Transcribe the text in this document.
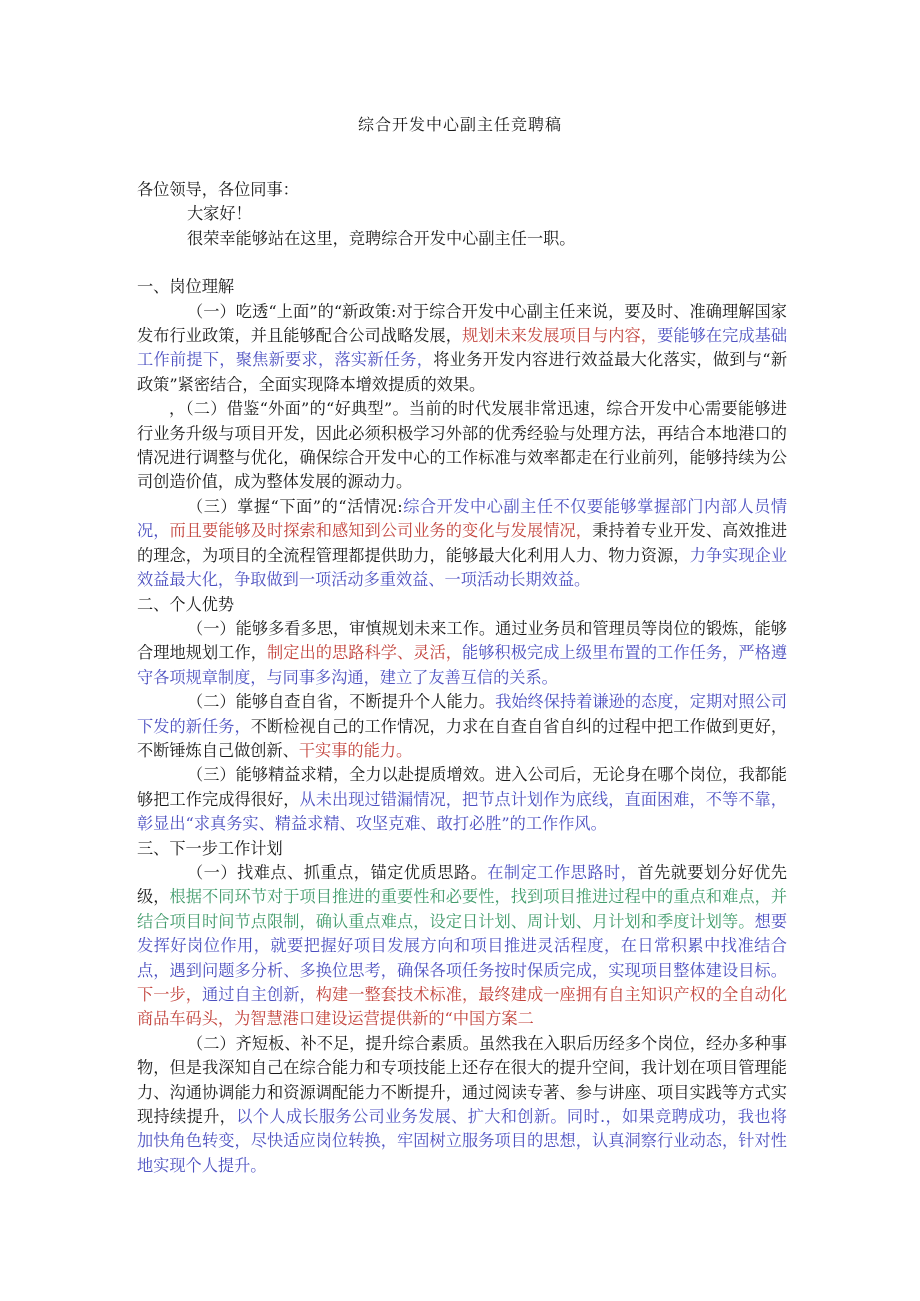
综合开发中心副主任竞聘稿

各位领导，各位同事：

大家好！

很荣幸能够站在这里，竞聘综合开发中心副主任一职。

一、岗位理解

（一）吃透“上面”的“新政策:对于综合开发中心副主任来说，要及时、准确理解国家发布行业政策，并且能够配合公司战略发展，规划未来发展项目与内容，要能够在完成基础工作前提下，聚焦新要求，落实新任务，将业务开发内容进行效益最大化落实，做到与“新政策”紧密结合，全面实现降本增效提质的效果。

，（二）借鉴“外面”的“好典型”。当前的时代发展非常迅速，综合开发中心需要能够进行业务升级与项目开发，因此必须积极学习外部的优秀经验与处理方法，再结合本地港口的情况进行调整与优化，确保综合开发中心的工作标准与效率都走在行业前列，能够持续为公司创造价值，成为整体发展的源动力。

（三）掌握“下面”的“活情况:综合开发中心副主任不仅要能够掌握部门内部人员情况，而且要能够及时探索和感知到公司业务的变化与发展情况，秉持着专业开发、高效推进的理念，为项目的全流程管理都提供助力，能够最大化利用人力、物力资源，力争实现企业效益最大化，争取做到一项活动多重效益、一项活动长期效益。

二、个人优势

（一）能够多看多思，审慎规划未来工作。通过业务员和管理员等岗位的锻炼，能够合理地规划工作，制定出的思路科学、灵活，能够积极完成上级里布置的工作任务，严格遵守各项规章制度，与同事多沟通，建立了友善互信的关系。

（二）能够自查自省，不断提升个人能力。我始终保持着谦逊的态度，定期对照公司下发的新任务，不断检视自己的工作情况，力求在自查自省自纠的过程中把工作做到更好，不断锤炼自己做创新、干实事的能力。

（三）能够精益求精，全力以赴提质增效。进入公司后，无论身在哪个岗位，我都能够把工作完成得很好，从未出现过错漏情况，把节点计划作为底线，直面困难，不等不靠，彰显出“求真务实、精益求精、攻坚克难、敢打必胜”的工作作风。

三、下一步工作计划

（一）找难点、抓重点，锚定优质思路。在制定工作思路时，首先就要划分好优先级，根据不同环节对于项目推进的重要性和必要性，找到项目推进过程中的重点和难点，并结合项目时间节点限制，确认重点难点，设定日计划、周计划、月计划和季度计划等。想要发挥好岗位作用，就要把握好项目发展方向和项目推进灵活程度，在日常积累中找准结合点，遇到问题多分析、多换位思考，确保各项任务按时保质完成，实现项目整体建设目标。下一步，通过自主创新，构建一整套技术标准，最终建成一座拥有自主知识产权的全自动化商品车码头，为智慧港口建设运营提供新的“中国方案二

（二）齐短板、补不足，提升综合素质。虽然我在入职后历经多个岗位，经办多种事物，但是我深知自己在综合能力和专项技能上还存在很大的提升空间，我计划在项目管理能力、沟通协调能力和资源调配能力不断提升，通过阅读专著、参与讲座、项目实践等方式实现持续提升，以个人成长服务公司业务发展、扩大和创新。同时.，如果竞聘成功，我也将加快角色转变，尽快适应岗位转换，牢固树立服务项目的思想，认真洞察行业动态，针对性地实现个人提升。
